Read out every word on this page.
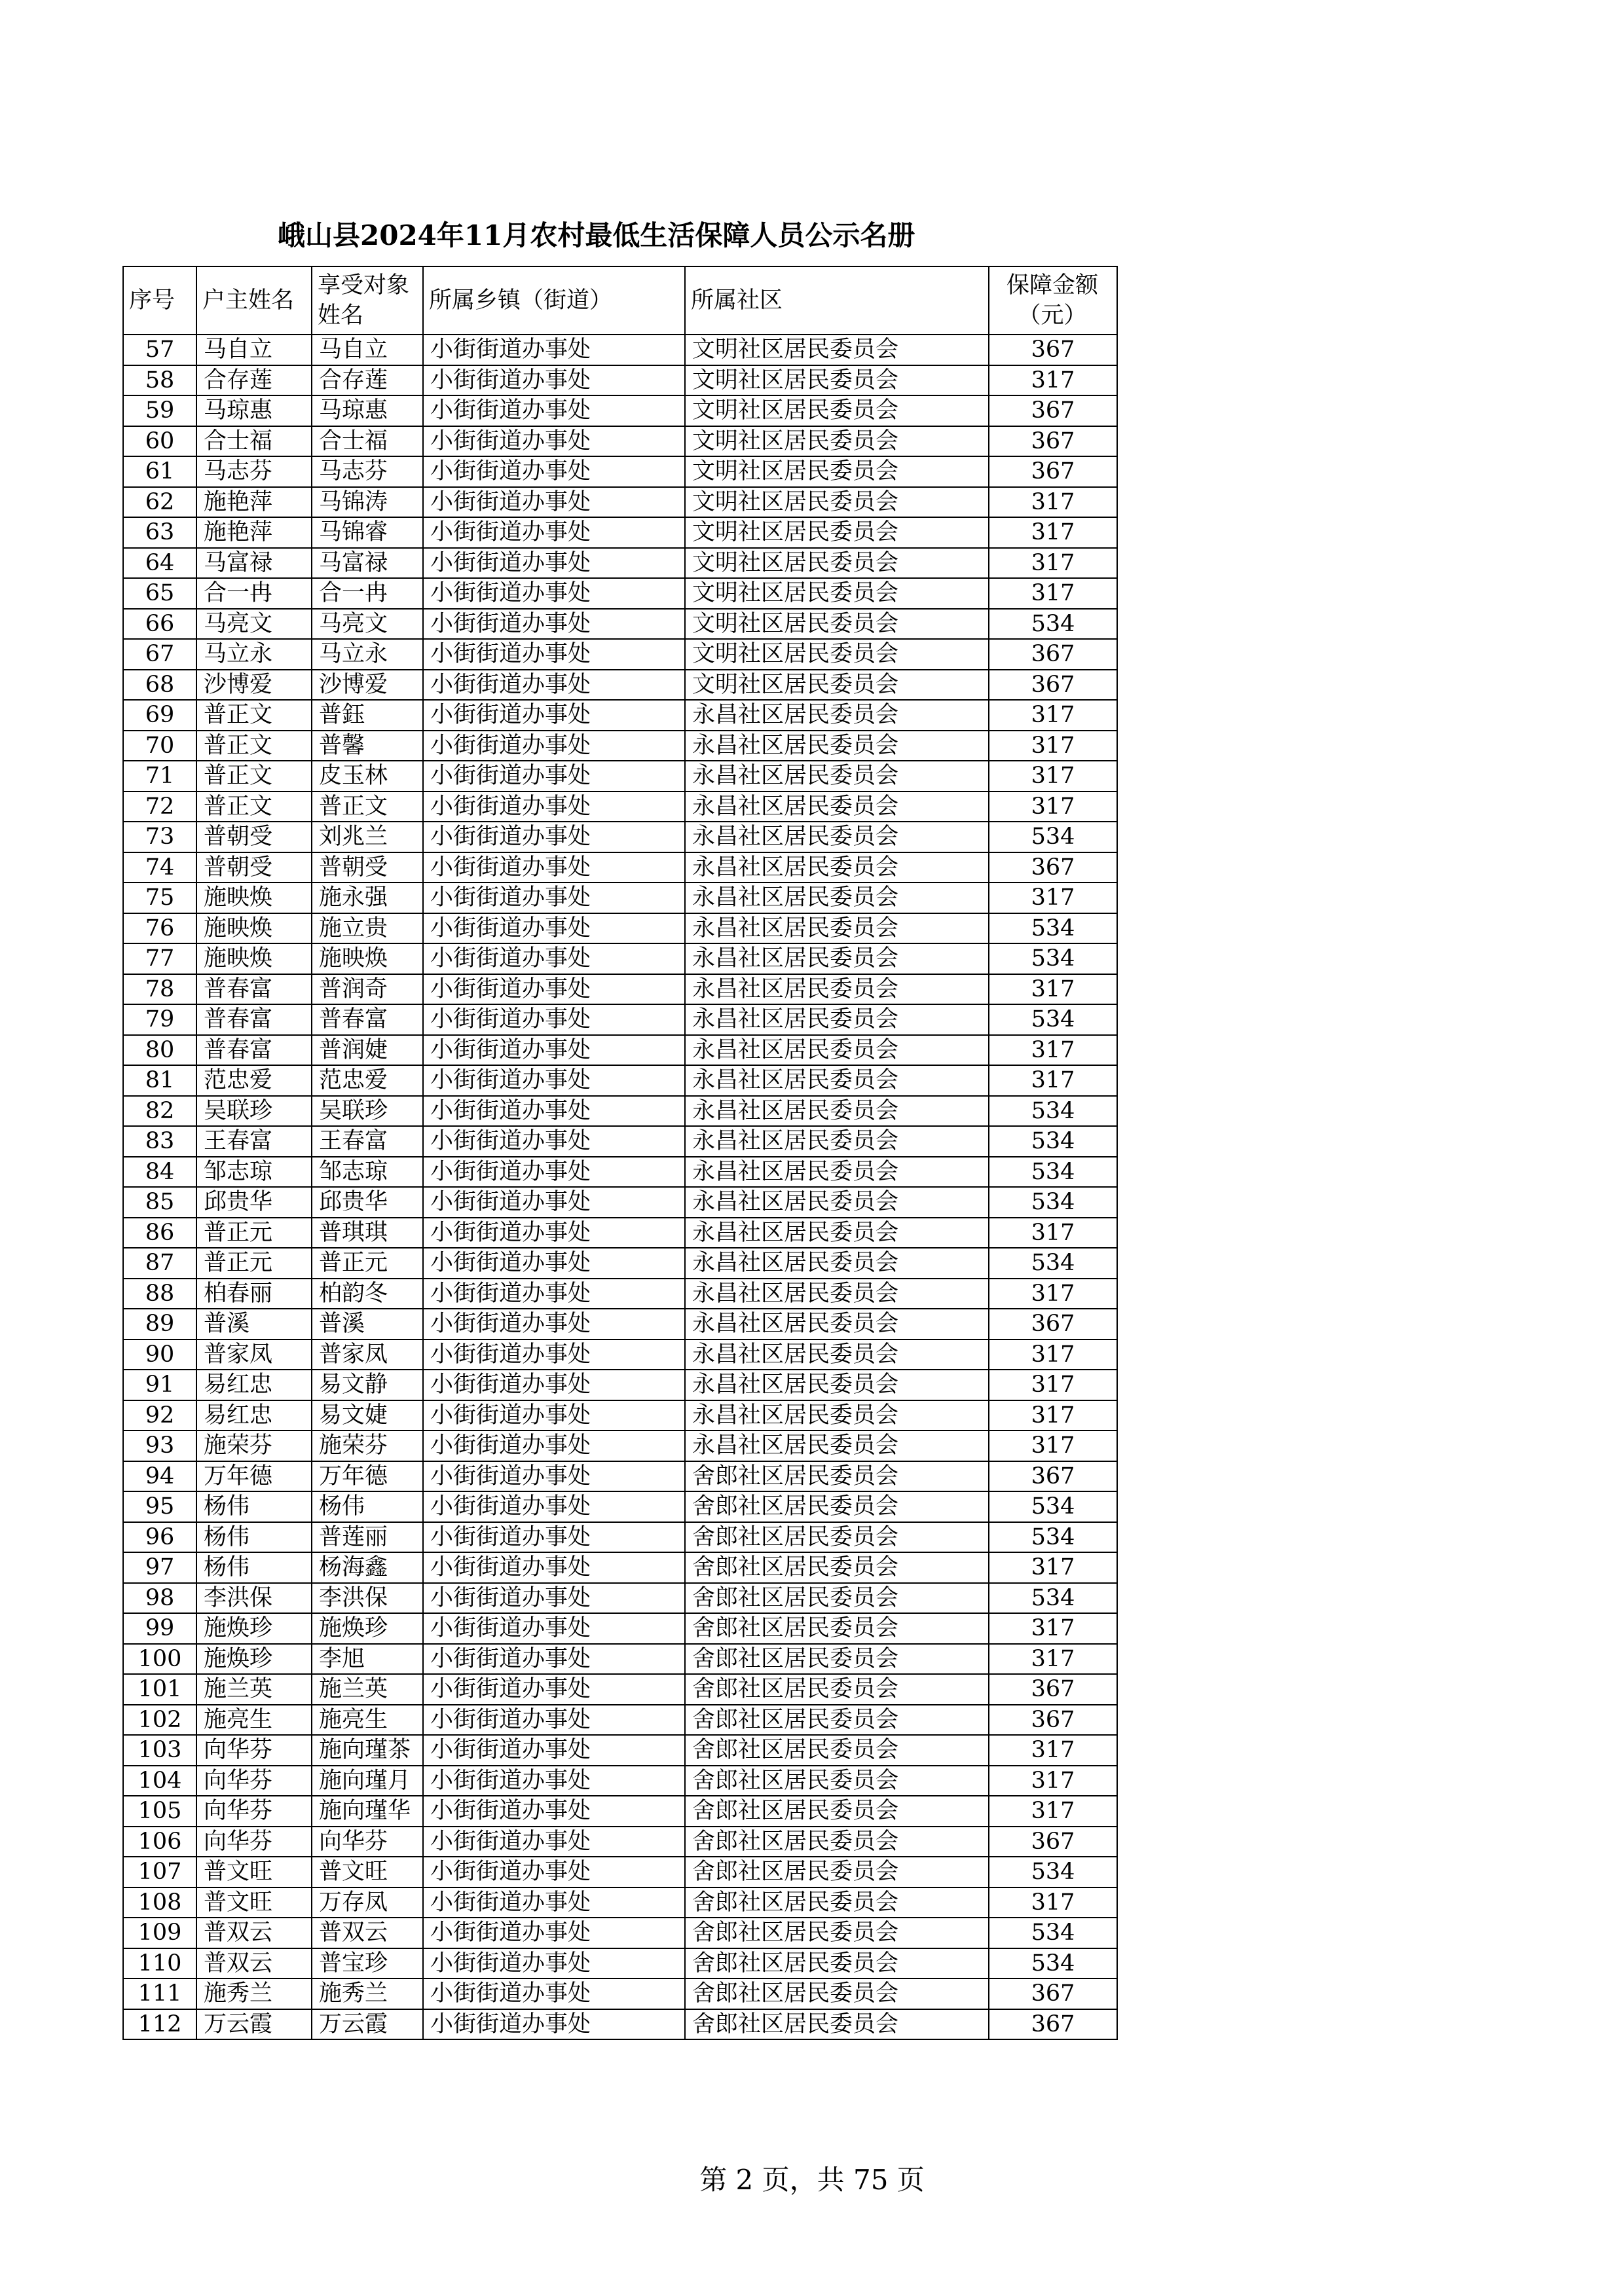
峨山县2024年11月农村最低生活保障人员公示名册
序号	户主姓名	享受对象姓名	所属乡镇（街道）	所属社区	保障金额（元）
57	马自立	马自立	小街街道办事处	文明社区居民委员会	367
58	合存莲	合存莲	小街街道办事处	文明社区居民委员会	317
59	马琼惠	马琼惠	小街街道办事处	文明社区居民委员会	367
60	合士福	合士福	小街街道办事处	文明社区居民委员会	367
61	马志芬	马志芬	小街街道办事处	文明社区居民委员会	367
62	施艳萍	马锦涛	小街街道办事处	文明社区居民委员会	317
63	施艳萍	马锦睿	小街街道办事处	文明社区居民委员会	317
64	马富禄	马富禄	小街街道办事处	文明社区居民委员会	317
65	合一冉	合一冉	小街街道办事处	文明社区居民委员会	317
66	马亮文	马亮文	小街街道办事处	文明社区居民委员会	534
67	马立永	马立永	小街街道办事处	文明社区居民委员会	367
68	沙博爱	沙博爱	小街街道办事处	文明社区居民委员会	367
69	普正文	普鈺	小街街道办事处	永昌社区居民委员会	317
70	普正文	普馨	小街街道办事处	永昌社区居民委员会	317
71	普正文	皮玉林	小街街道办事处	永昌社区居民委员会	317
72	普正文	普正文	小街街道办事处	永昌社区居民委员会	317
73	普朝受	刘兆兰	小街街道办事处	永昌社区居民委员会	534
74	普朝受	普朝受	小街街道办事处	永昌社区居民委员会	367
75	施映焕	施永强	小街街道办事处	永昌社区居民委员会	317
76	施映焕	施立贵	小街街道办事处	永昌社区居民委员会	534
77	施映焕	施映焕	小街街道办事处	永昌社区居民委员会	534
78	普春富	普润奇	小街街道办事处	永昌社区居民委员会	317
79	普春富	普春富	小街街道办事处	永昌社区居民委员会	534
80	普春富	普润婕	小街街道办事处	永昌社区居民委员会	317
81	范忠爱	范忠爱	小街街道办事处	永昌社区居民委员会	317
82	吴联珍	吴联珍	小街街道办事处	永昌社区居民委员会	534
83	王春富	王春富	小街街道办事处	永昌社区居民委员会	534
84	邹志琼	邹志琼	小街街道办事处	永昌社区居民委员会	534
85	邱贵华	邱贵华	小街街道办事处	永昌社区居民委员会	534
86	普正元	普琪琪	小街街道办事处	永昌社区居民委员会	317
87	普正元	普正元	小街街道办事处	永昌社区居民委员会	534
88	柏春丽	柏韵冬	小街街道办事处	永昌社区居民委员会	317
89	普溪	普溪	小街街道办事处	永昌社区居民委员会	367
90	普家凤	普家凤	小街街道办事处	永昌社区居民委员会	317
91	易红忠	易文静	小街街道办事处	永昌社区居民委员会	317
92	易红忠	易文婕	小街街道办事处	永昌社区居民委员会	317
93	施荣芬	施荣芬	小街街道办事处	永昌社区居民委员会	317
94	万年德	万年德	小街街道办事处	舍郎社区居民委员会	367
95	杨伟	杨伟	小街街道办事处	舍郎社区居民委员会	534
96	杨伟	普莲丽	小街街道办事处	舍郎社区居民委员会	534
97	杨伟	杨海鑫	小街街道办事处	舍郎社区居民委员会	317
98	李洪保	李洪保	小街街道办事处	舍郎社区居民委员会	534
99	施焕珍	施焕珍	小街街道办事处	舍郎社区居民委员会	317
100	施焕珍	李旭	小街街道办事处	舍郎社区居民委员会	317
101	施兰英	施兰英	小街街道办事处	舍郎社区居民委员会	367
102	施亮生	施亮生	小街街道办事处	舍郎社区居民委员会	367
103	向华芬	施向瑾茶	小街街道办事处	舍郎社区居民委员会	317
104	向华芬	施向瑾月	小街街道办事处	舍郎社区居民委员会	317
105	向华芬	施向瑾华	小街街道办事处	舍郎社区居民委员会	317
106	向华芬	向华芬	小街街道办事处	舍郎社区居民委员会	367
107	普文旺	普文旺	小街街道办事处	舍郎社区居民委员会	534
108	普文旺	万存凤	小街街道办事处	舍郎社区居民委员会	317
109	普双云	普双云	小街街道办事处	舍郎社区居民委员会	534
110	普双云	普宝珍	小街街道办事处	舍郎社区居民委员会	534
111	施秀兰	施秀兰	小街街道办事处	舍郎社区居民委员会	367
112	万云霞	万云霞	小街街道办事处	舍郎社区居民委员会	367
第 2 页，共 75 页
